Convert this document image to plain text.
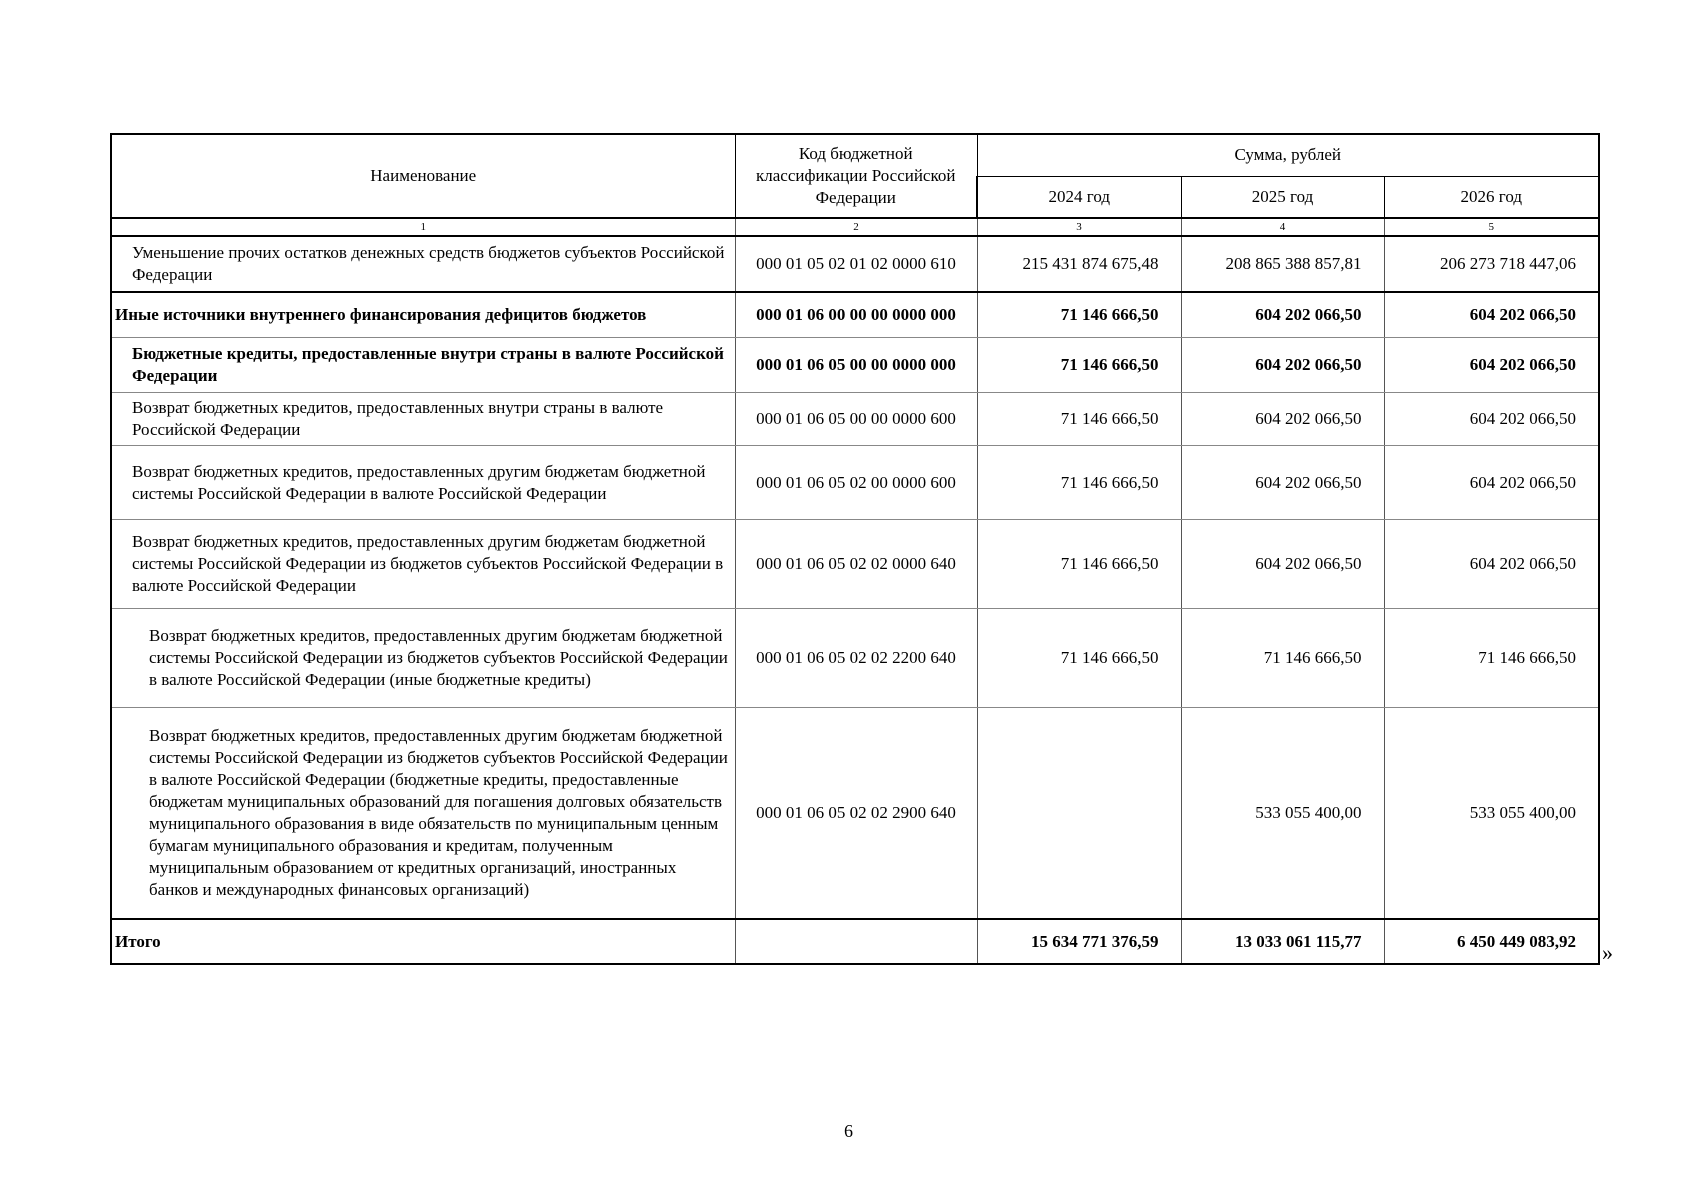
Наименование	Код бюджетной классификации Российской Федерации	Сумма, рублей		
		2024 год	2025 год	2026 год
1	2	3	4	5
Уменьшение прочих остатков денежных средств бюджетов субъектов Российской Федерации	000 01 05 02 01 02 0000 610	215 431 874 675,48	208 865 388 857,81	206 273 718 447,06
Иные источники внутреннего финансирования дефицитов бюджетов	000 01 06 00 00 00 0000 000	71 146 666,50	604 202 066,50	604 202 066,50
Бюджетные кредиты, предоставленные внутри страны в валюте Российской Федерации	000 01 06 05 00 00 0000 000	71 146 666,50	604 202 066,50	604 202 066,50
Возврат бюджетных кредитов, предоставленных внутри страны в валюте Российской Федерации	000 01 06 05 00 00 0000 600	71 146 666,50	604 202 066,50	604 202 066,50
Возврат бюджетных кредитов, предоставленных другим бюджетам бюджетной системы Российской Федерации в валюте Российской Федерации	000 01 06 05 02 00 0000 600	71 146 666,50	604 202 066,50	604 202 066,50
Возврат бюджетных кредитов, предоставленных другим бюджетам бюджетной системы Российской Федерации из бюджетов субъектов Российской Федерации в валюте Российской Федерации	000 01 06 05 02 02 0000 640	71 146 666,50	604 202 066,50	604 202 066,50
Возврат бюджетных кредитов, предоставленных другим бюджетам бюджетной системы Российской Федерации из бюджетов субъектов Российской Федерации в валюте Российской Федерации (иные бюджетные кредиты)	000 01 06 05 02 02 2200 640	71 146 666,50	71 146 666,50	71 146 666,50
Возврат бюджетных кредитов, предоставленных другим бюджетам бюджетной системы Российской Федерации из бюджетов субъектов Российской Федерации в валюте Российской Федерации (бюджетные кредиты, предоставленные бюджетам муниципальных образований для погашения долговых обязательств муниципального образования в виде обязательств по муниципальным ценным бумагам муниципального образования и кредитам, полученным муниципальным образованием от кредитных организаций, иностранных банков и международных финансовых организаций)	000 01 06 05 02 02 2900 640		533 055 400,00	533 055 400,00
Итого		15 634 771 376,59	13 033 061 115,77	6 450 449 083,92 »
6
